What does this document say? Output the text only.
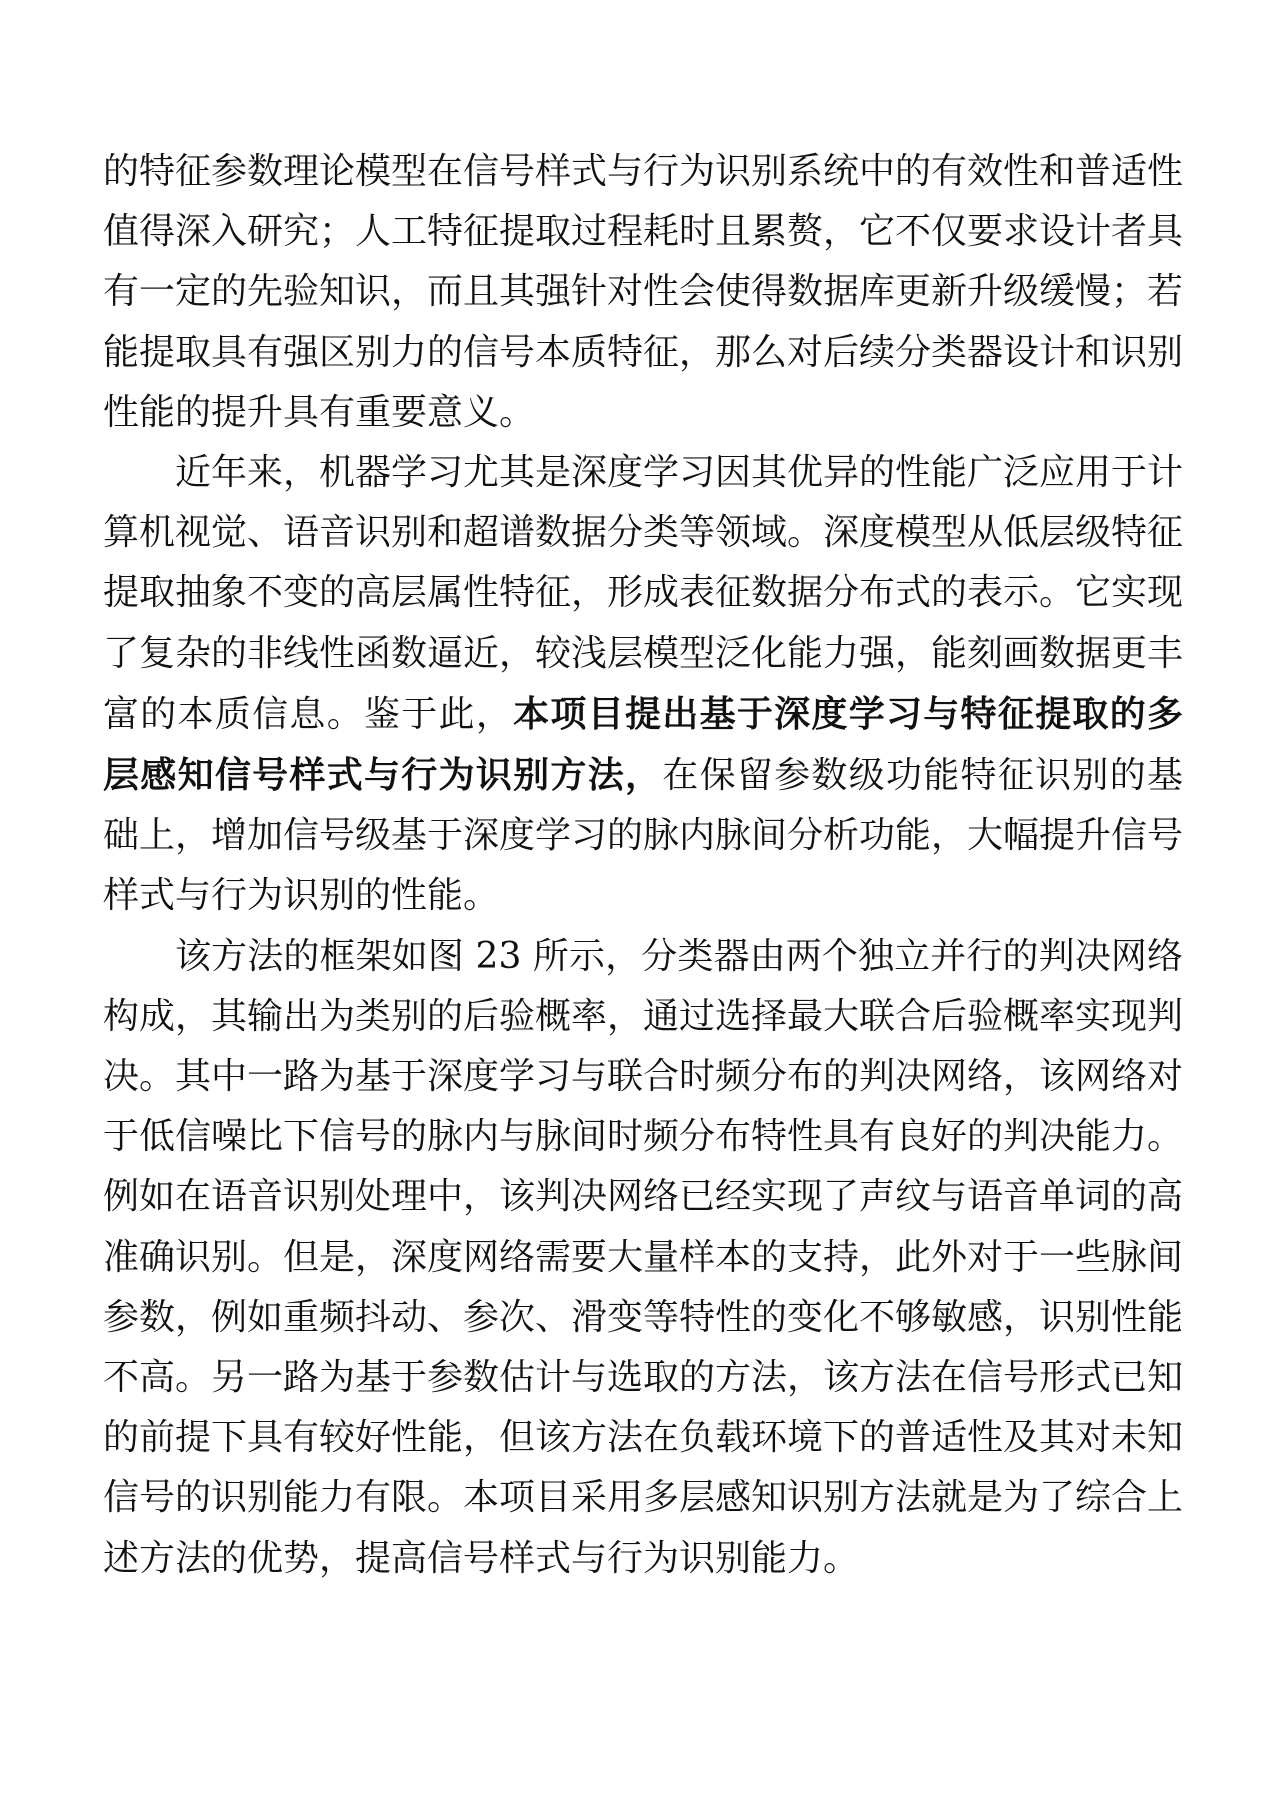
的特征参数理论模型在信号样式与行为识别系统中的有效性和普适性值得深入研究；人工特征提取过程耗时且累赘，它不仅要求设计者具有一定的先验知识，而且其强针对性会使得数据库更新升级缓慢；若能提取具有强区别力的信号本质特征，那么对后续分类器设计和识别性能的提升具有重要意义。

近年来，机器学习尤其是深度学习因其优异的性能广泛应用于计算机视觉、语音识别和超谱数据分类等领域。深度模型从低层级特征提取抽象不变的高层属性特征，形成表征数据分布式的表示。它实现了复杂的非线性函数逼近，较浅层模型泛化能力强，能刻画数据更丰富的本质信息。鉴于此，本项目提出基于深度学习与特征提取的多层感知信号样式与行为识别方法，在保留参数级功能特征识别的基础上，增加信号级基于深度学习的脉内脉间分析功能，大幅提升信号样式与行为识别的性能。

该方法的框架如图 23 所示，分类器由两个独立并行的判决网络构成，其输出为类别的后验概率，通过选择最大联合后验概率实现判决。其中一路为基于深度学习与联合时频分布的判决网络，该网络对于低信噪比下信号的脉内与脉间时频分布特性具有良好的判决能力。例如在语音识别处理中，该判决网络已经实现了声纹与语音单词的高准确识别。但是，深度网络需要大量样本的支持，此外对于一些脉间参数，例如重频抖动、参次、滑变等特性的变化不够敏感，识别性能不高。另一路为基于参数估计与选取的方法，该方法在信号形式已知的前提下具有较好性能，但该方法在负载环境下的普适性及其对未知信号的识别能力有限。本项目采用多层感知识别方法就是为了综合上述方法的优势，提高信号样式与行为识别能力。
